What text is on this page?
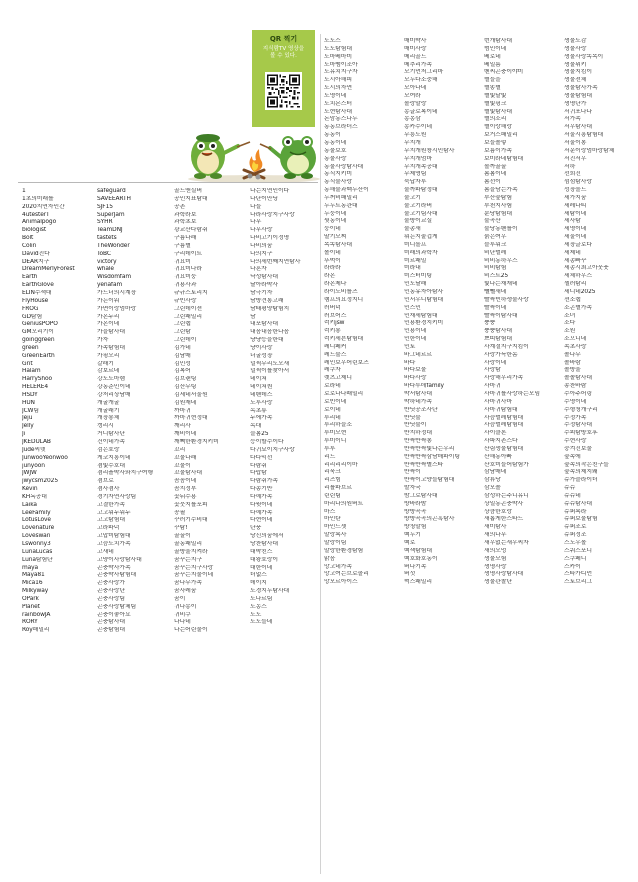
QR 찍기
지식람TV 영상을
볼 수 있다.
1
1초의미래를
2020지연자인간
4utesterT
Animalpogo
biologist
Bolt
Colin
David진다
DEAR지구
DreamMerlyForest
Earth
EarthGlove
ELIN수색대
FlyHouse
FROG
GD탐험
GeniusPOPO
GM오리기이
goinggreen
green
GreenEarth
Grit
Halam
HarryShoo
HELERE4
HSDY
HUN
JCW팀
Jeju
Jelly
Ji
JKEDULAB
Jude씨넷
JunwooYeonwoo
junyoon
JWJW
jwycsm2025
Kevin
KH독공대
Laika
LeeFamily
LotusLove
Lovenature
Loveswan
Lswonny3
LunaLucas
Luna탐험단
maya
Maya81
Mica16
Milkyway
OPark
Planet
rainbowJA
RORY
Roy패밀리
safeguard
SAVEEARTH
SJF15
SuperJam
SYHR
TeamDNJ
tastets
TheWonder
ToBC
victory
whale
Wisdomfam
yenafam
가드너의시계장
가든이워
가면이랑엄마랑
가온누리
가온이네
가을탐사대
가자
가족탐험대
가핑오리
갈래기
감보르네
강도도마램
강동준민이네
강저리상남매
개굴개굴
개굴래기
개장봉체
갱리시
거니탐사단
건이네가족
검은호랑
게코지롱이네
겸빛수호대
겸리플박사와지구여행
겸브로
겸사겸사
경기자연사랑팀
고결한가족
고고워누워누
고고탐험대
고라파덕
고맙미탐험대
고슴도치가족
고새네
고양이사랑탐사대
곤충박사가족
곤충박사탐험대
곤충사랑가
곤충사랑단
곤충사랑팀
곤충사랑탐체팀
곤충이좋아요
곤충탐사대
곤충탐험대
골드앤실버
공인지표탐대
공존
과학라보
과학초보
광교산다람쥐
구름나래
구름별
구리데이트
귀요미
귀요미나라
귀요미둥
귀용사과
규규스토리지
규빈사랑
그린데이션
그린패밀리
그린랩
그린탐
그린데이
김가네
김남매
김민성
김복어
김브랜팅
김산무팅
김세네서울원
김원재네
까마귀
까마귀현정대
깨리사
깨비이네
깨빽한환경지키미
꼬리
꼬물나래
꼬물이
꼬물탐사대
꼼꼼이네
꼼지정부
꽃뒤수용
꽃뭇지를포피
꽁필
꾸러기수비대
꾸탐!
꿀꿀이
꿀동패밀리
꿀방울지켜라
꿈꾸는지구
꿈꾸는지구사랑
꿈꾸는지물이네
꿈나무가족
꿈사레꿈
꿈이
귀나몽이
귀비쿠
나나네
나는어린물이
나는지연인이다
나단이만딩
나들
나라사랑지구사랑
나무
나무사랑
나비고기이정명
나비의꿈
나의지구
나의세번째지연탐사
나혼자
낙성탐사대
날아라박사
남극기자
남방견통고래
남태평양탐험지
남
내포탐사대
내음내음한나음
냥냥등을한대
냥이사랑
너굴성장
널찍무리도오새
널찍이를찾아서
네이쳐
네이쳐퀀
네펜데스
노루사랑
녹초류
누에가족
녹대
늘봄25
능이할수이다
다귀묘이지구사랑
다다익선
다람쥐
다랍탐
다람쥐가족
다송기반
다예가족
다윗이네
다예가족
다현이네
단풍
당신의꿈에서
당찬탐사대
대박친스
대왕호랑이
대한이네
더없스
데이지
도경지두탐사대
도나르팀
도농스
도도
도도들네
도도스
도도탐험대
도마베마미
도마뱀이조아
도유치지구자
도시아해피
도시의자연
도영이네
도치몬스터
도현탐사대
돈암동스나두
동동브라더스
동동이
동동이네
동물보호
동물사랑
동물사랑탐사대
동식지키미
동식물사랑
동해물과백두산이
두꺼비패밀리
두두트동관대
두둥이네
뒷동이네
둥이네
딸기모찌
똑똑탐사대
똘이네
뚜벅이
라라라
라온
라온제나
라이노비틀즈
램프의요정지니
러버덕
러브어스
럭키jsw
럭키봉
럭키세븐탐험대
레니페커
레드불스
레인보우어린보즈
레쿠자
렛츠고제니
로라네
로로나나패밀리
로빈이네
로이네
루리네
루리하늘소
루미모현
루미이니
루루
리드
리리리리이마
리욱크
리즈힘
리틀파브르
린린팀
마리나의원버트
마스
마인탄
마인드셋
말랑복사
말랑이팀
말랑한환경탐험
맑음
망고네가족
망고여는브로콜리
망모르아이스
매미박사
매미사랑
메리골드
메추리가족
모기먼저그리마
모두다소중해
모아나네
모여라
몰랑말랑
몽글로복이네
몽몽삼
몽카수이네
무릉도원
무지개
무지개원창시민탐사
무지개엄마
무지개족공대
무제영팀
묵납자루
물까파탐정대
물고기
물고기라버
물고기팀사대
물방이교실
물총새
뭐든지줄겁게
미니돌프
미래의과학자
미르패밀
미라내
미스터미팅
민도날래
민동유자아탐사
민서우니탐험대
민스민
민재세탐험대
민용환경지키미
민용이네
민한이네
민토
바그네르르
바다
바다보물
바다사랑
바다투데family
박서탐사대
박하네가족
반딧공조사단
반딧불
반딧불이
반지하정대
반짝반짝봉
반짝반짝빛나는우리
반짝반짝삼남매파이팅
반짝반짝별스타
반짝이
반짝이고양들탐험대
발자국
밤그로탐사대
방바라밤
방방곡곡
방방곡곡의곤혹탐사
방청말험
백두기
백로
백색탐험대
백호화호동이
버나기족
버섯
벅스패밀리
번개탐사대
범인이네
베로네
베일름
벤씨곤충이야미
별들을
별똥별
별빛달빛
별빛핑크
별빛탐사대
별의소리
별이랑해랑
보거스패밀리
보들솔렇
보름이가족
보미라네탐험대
볼까꿀꿀
봄봄이네
봄선이
봄을담는가족
부산숲탐험
부천지사험
분당탐험대
불곡산
불당동펜틀이
붉은여우
블루워크
비단벌레
비비동하우스
비비탐험
비스트25
빛나는재재네
뺄뺄새네
빨짝빈하생물사랑
빨짝이네
빨짝이탐사대
뿡뿡
뿡뿡탐사대
쁘띠탐험대
사계절지구지킴이
사랑가득한놈
사랑이네
사랑탐
사랑해우리가족
사마귀
사마귀를사랑하는모임
사마귀사마
사마귀탐험대
사슴벌레탐험대
사슴벌레탐험대
사이클론
사파지존스다
산림생물탐험대
산해동아빠
산호미들어탐험가
삼남매네
삼류당
삼모솔
삼성하는주니유니
상일동곤충박사
상큼한호랑
새롭게한스타드
새미탐사
새의나무
새우없는새우씨자
새의오엉
생물모험
생명사랑
생명사랑탐사대
생물관찰단
생물도감
생물사랑
생물사랑똑똑이
생물위키
생물지킴이
생물전체
생물탐사가족
생물탐험대
생명단가
서귀포나나
서가족
서우탐사대
서울시흥탐험대
서울이봉
서운이랑엄마랑탐체
서진서우
서하
선희진
섬섬탐사랑
성장놀드
세가지꿈
세레나티
세탐이네
세사탐
세영이네
세울이네
세장글로다
세제네
세종빠꾸
세종시최고아웃풋
세체하우스
셀러탐리
세니네2025
션소랩
소곤별가족
소녀
소다
소원
소으니네
속초사랑
솔나무
솔바람
솔방울
솔솔탐사대
송찬바람
수아주어링
수영이네
수형청개구리
수정가족
수정탐사대
수피탐방호후
수현사랑
숭겨진보물
숲속에
숲속의작은친구들
숲속의제지왜
슈가슬라이더
슈슈
슈슈네
슈슈탐사대
슈퍼복라
슈퍼보물탐험
슈퍼조로
슈퍼정조
스노우볼
스쿼스포니
스쿠페니
스카이
스타가디언
스토브리그
